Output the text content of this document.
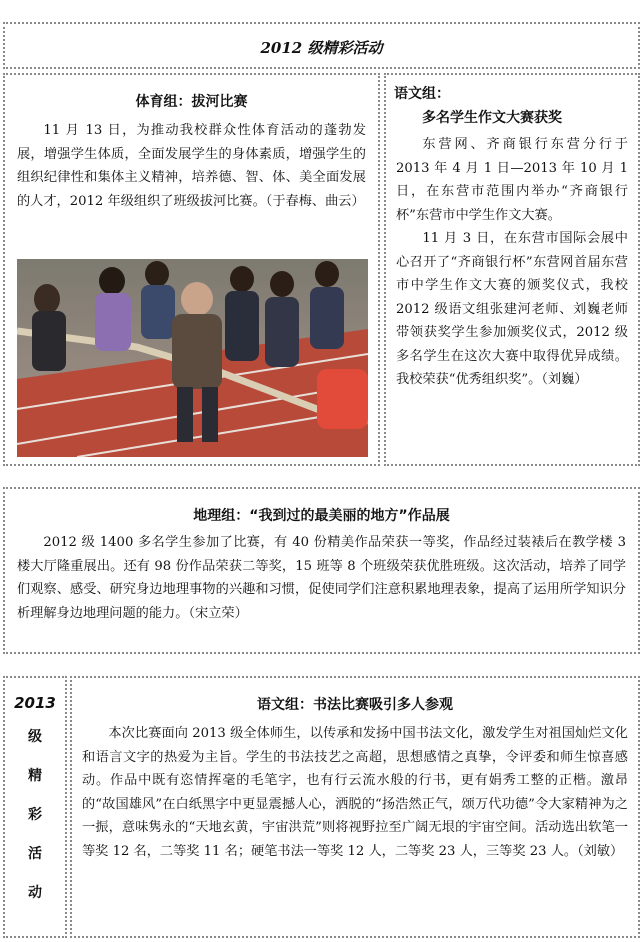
2012 级精彩活动
体育组：拔河比赛

11 月 13 日，为推动我校群众性体育活动的蓬勃发展，增强学生体质，全面发展学生的身体素质，增强学生的组织纪律性和集体主义精神，培养德、智、体、美全面发展的人才，2012 年级组织了班级拔河比赛。（于春梅、曲云）

语文组：
多名学生作文大赛获奖

东营网、齐商银行东营分行于 2013 年 4 月 1 日—2013 年 10 月 1 日，在东营市范围内举办“齐商银行杯”东营市中学生作文大赛。

11 月 3 日，在东营市国际会展中心召开了“齐商银行杯”东营网首届东营市中学生作文大赛的颁奖仪式，我校 2012 级语文组张建河老师、刘巍老师带领获奖学生参加颁奖仪式，2012 级多名学生在这次大赛中取得优异成绩。我校荣获“优秀组织奖”。（刘巍）

地理组：“我到过的最美丽的地方”作品展

2012 级 1400 多名学生参加了比赛，有 40 份精美作品荣获一等奖，作品经过装裱后在教学楼 3 楼大厅隆重展出。还有 98 份作品荣获二等奖，15 班等 8 个班级荣获优胜班级。这次活动，培养了同学们观察、感受、研究身边地理事物的兴趣和习惯，促使同学们注意积累地理表象，提高了运用所学知识分析理解身边地理问题的能力。（宋立荣）

2013
级
精
彩
活
动
语文组：书法比赛吸引多人参观

本次比赛面向 2013 级全体师生，以传承和发扬中国书法文化，激发学生对祖国灿烂文化和语言文字的热爱为主旨。学生的书法技艺之高超，思想感情之真挚，令评委和师生惊喜感动。作品中既有恣情挥毫的毛笔字，也有行云流水般的行书，更有娟秀工整的正楷。激昂的“故国雄风”在白纸黑字中更显震撼人心，洒脱的“扬浩然正气，颂万代功德”令大家精神为之一振，意味隽永的“天地玄黄，宇宙洪荒”则将视野拉至广阔无垠的宇宙空间。活动选出软笔一等奖 12 名，二等奖 11 名；硬笔书法一等奖 12 人，二等奖 23 人，三等奖 23 人。（刘敏）
